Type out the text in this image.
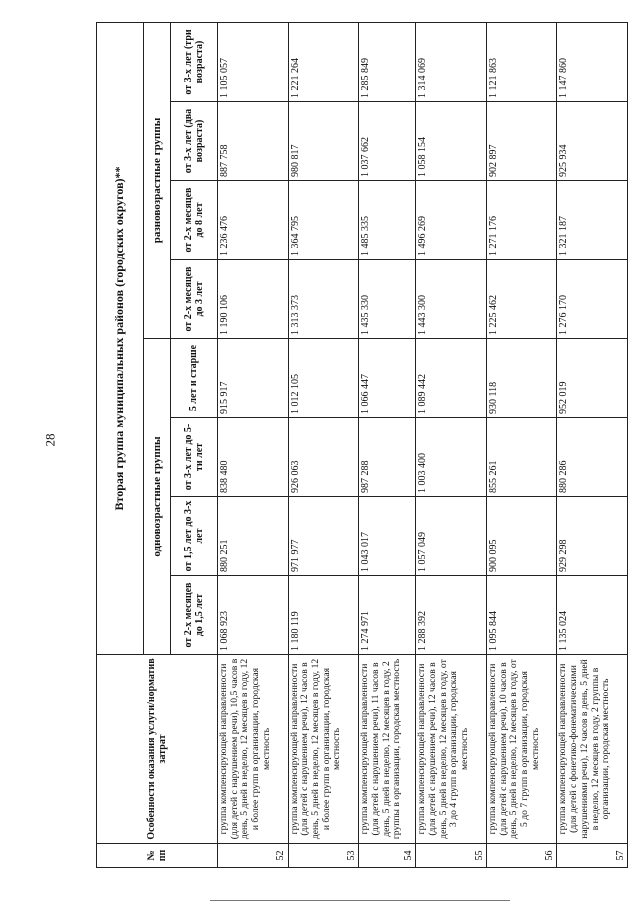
28
№ пп	Особенности оказания услуги/норматив затрат	Вторая группа муниципальных районов (городских округов)**							
		одновозрастные группы				разновозрастные группы			
		от 2-х месяцев до 1,5 лет	от 1,5 лет до 3-х лет	от 3-х лет до 5-ти лет	5 лет и старше	от 2-х месяцев до 3 лет	от 2-х месяцев до 8 лет	от 3-х лет (два возраста)	от 3-х лет (три возраста)
52	группа компенсирующей направленности (для детей с нарушением речи), 10,5 часов в день, 5 дней в неделю, 12 месяцев в году, 12 и более групп в организации, городская местность	1 068 923	880 251	838 480	915 917	1 190 106	1 236 476	887 758	1 105 057
53	группа компенсирующей направленности (для детей с нарушением речи), 12 часов в день, 5 дней в неделю, 12 месяцев в году, 12 и более групп в организации, городская местность	1 180 119	971 977	926 063	1 012 105	1 313 373	1 364 795	980 817	1 221 264
54	группа компенсирующей направленности (для детей с нарушением речи), 11 часов в день, 5 дней в неделю, 12 месяцев в году, 2 группы в организации, городская местность	1 274 971	1 043 017	987 288	1 066 447	1 435 330	1 485 335	1 037 662	1 285 849
55	группа компенсирующей направленности (для детей с нарушением речи), 12 часов в день, 5 дней в неделю, 12 месяцев в году, от 3 до 4 групп в организации, городская местность	1 288 392	1 057 049	1 003 400	1 089 442	1 443 300	1 496 269	1 058 154	1 314 069
56	группа компенсирующей направленности (для детей с нарушением речи), 10 часов в день, 5 дней в неделю, 12 месяцев в году, от 5 до 7 групп в организации, городская местность	1 095 844	900 095	855 261	930 118	1 225 462	1 271 176	902 897	1 121 863
57	группа компенсирующей направленности (для детей с фонетико-фонематическими нарушениями речи), 12 часов в день, 5 дней в неделю, 12 месяцев в году, 2 группы в организации, городская местность	1 135 024	929 298	880 286	952 019	1 276 170	1 321 187	925 934	1 147 860
